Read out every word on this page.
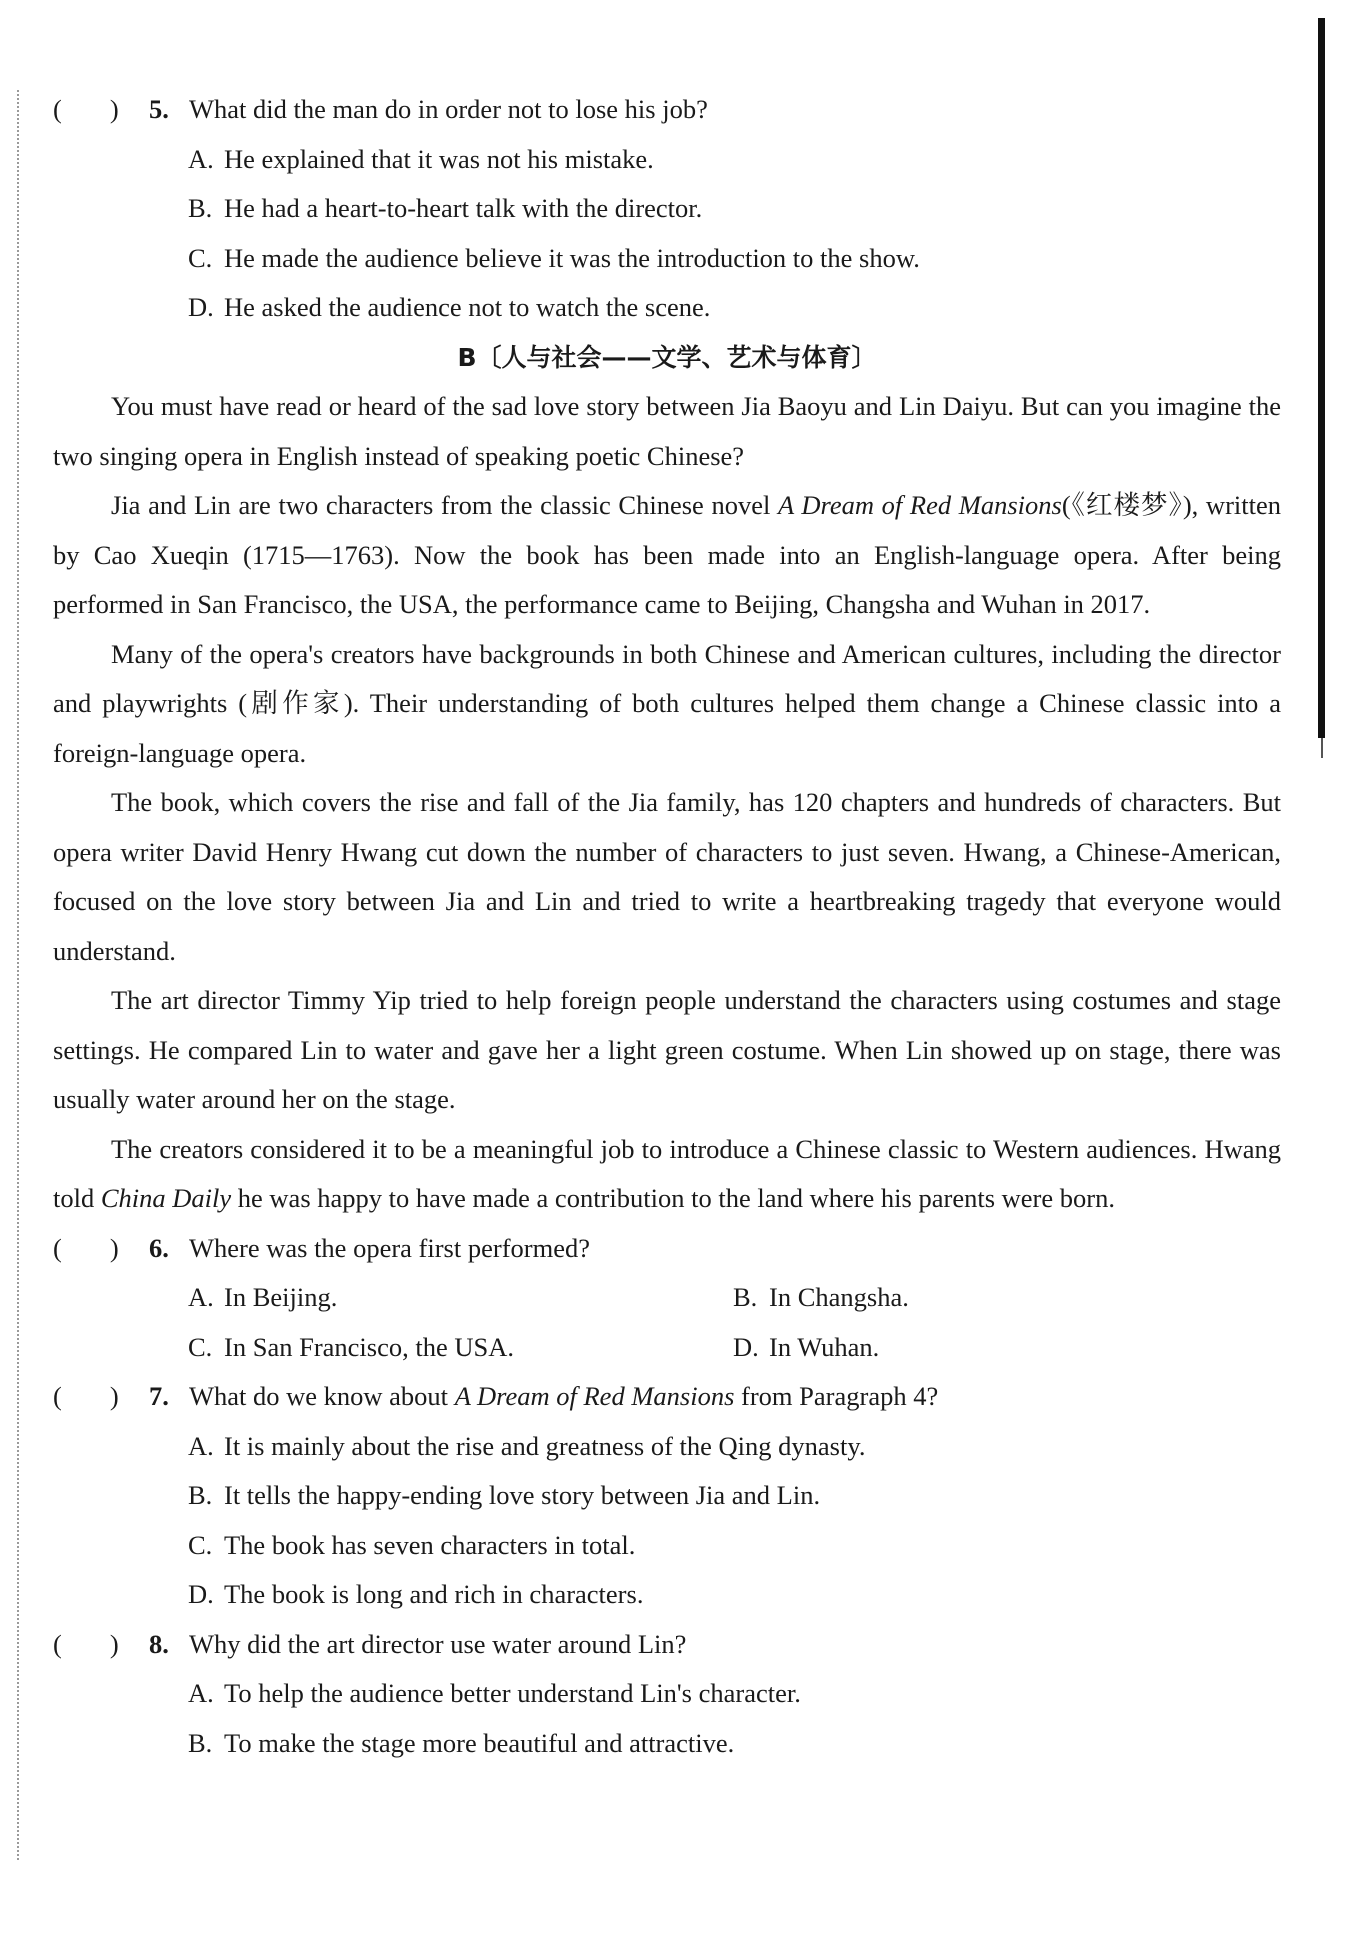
( )	5. What did the man do in order not to lose his job?
A. He explained that it was not his mistake.
B. He had a heart-to-heart talk with the director.
C. He made the audience believe it was the introduction to the show.
D. He asked the audience not to watch the scene.
B〔人与社会——文学、艺术与体育〕
You must have read or heard of the sad love story between Jia Baoyu and Lin Daiyu. But can you imagine the two singing opera in English instead of speaking poetic Chinese?
Jia and Lin are two characters from the classic Chinese novel A Dream of Red Mansions(《红楼梦》), written by Cao Xueqin (1715—1763). Now the book has been made into an English-language opera. After being performed in San Francisco, the USA, the performance came to Beijing, Changsha and Wuhan in 2017.
Many of the opera's creators have backgrounds in both Chinese and American cultures, including the director and playwrights (剧作家). Their understanding of both cultures helped them change a Chinese classic into a foreign-language opera.
The book, which covers the rise and fall of the Jia family, has 120 chapters and hundreds of characters. But opera writer David Henry Hwang cut down the number of characters to just seven. Hwang, a Chinese-American, focused on the love story between Jia and Lin and tried to write a heartbreaking tragedy that everyone would understand.
The art director Timmy Yip tried to help foreign people understand the characters using costumes and stage settings. He compared Lin to water and gave her a light green costume. When Lin showed up on stage, there was usually water around her on the stage.
The creators considered it to be a meaningful job to introduce a Chinese classic to Western audiences. Hwang told China Daily he was happy to have made a contribution to the land where his parents were born.
( )	6. Where was the opera first performed?
A. In Beijing.	B. In Changsha.
C. In San Francisco, the USA.	D. In Wuhan.
( )	7. What do we know about A Dream of Red Mansions from Paragraph 4?
A. It is mainly about the rise and greatness of the Qing dynasty.
B. It tells the happy-ending love story between Jia and Lin.
C. The book has seven characters in total.
D. The book is long and rich in characters.
( )	8. Why did the art director use water around Lin?
A. To help the audience better understand Lin's character.
B. To make the stage more beautiful and attractive.
